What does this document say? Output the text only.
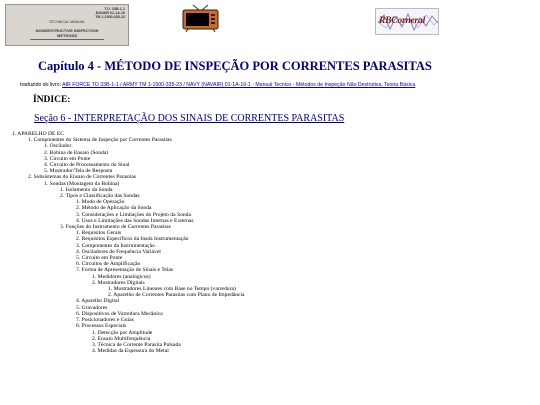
T.O. 33B-1-1
NAVAIR 01-1A-16
TM 1-1500-335-23
TECHNICAL MANUAL
NONDESTRUCTIVE INSPECTION
METHODS
RBCorneral
Capítulo 4 - MÉTODO DE INSPEÇÃO POR CORRENTES PARASITAS
traduzido do livro: AIR FORCE TO 33B-1-1 / ARMY TM 1-1500-335-23 / NAVY (NAVAIR) 01-1A-16-1 - Manual Tecnico - Métodos de Inspeção Não Destrutiva, Teoria Básica
ÍNDICE:
Seção 6 - INTERPRETAÇÃO DOS SINAIS DE CORRENTES PARASITAS
1. APARELHO DE EC
1. Componentes do Sistema de Inspeção por Correntes Parasitas
1. Oscilador
2. Bobina de Ensaio (Sonda)
3. Circuito em Ponte
4. Circuito de Processamento do Sinal
5. Mostrador/Tela de Resposta
2. Subsistemas do Ensaio de Correntes Parasitas
1. Sondas (Montagem da Bobina)
1. Isolamento da Sonda
2. Tipos e Classificação das Sondas
1. Modo de Operação
2. Método de Aplicação da Sonda
3. Considerações e Limitações do Projeto da Sonda
4. Usos e Limitações das Sondas Internas e Externas
3. Funções do Instrumento de Correntes Parasitas
1. Requisitos Gerais
2. Requisitos Específicos da Insda Instrumentação
3. Componentes da Instrumentação
4. Osciladores de Frequência Variável
5. Circuito em Ponte
6. Circuitos de Amplificação
7. Forma de Apresentação de Sinais e Telas
1. Medidores (analógicos)
2. Mostradores Digitais
1. Mostradores Lineares com Base no Tempo (varredura)
2. Aparelho de Correntes Parasitas com Plano de Impedância
4. Aparelho Digital
5. Gravadores
6. Dispositivos de Varredura Mecânica
7. Posicionadores e Guias
8. Processos Especiais
1. Detecção por Amplitude
2. Ensaio Multifrequência
3. Técnica de Corrente Parasita Pulsada
4. Medidas da Espessura do Metal
